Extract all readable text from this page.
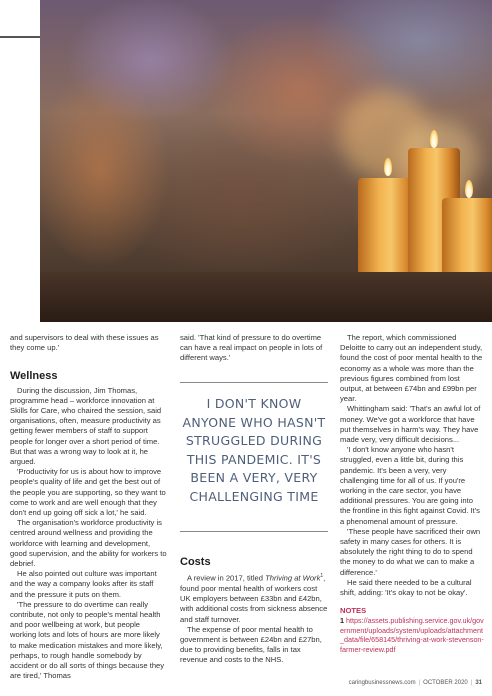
and supervisors to deal with these issues as they come up.'

Wellness

During the discussion, Jim Thomas, programme head – workforce innovation at Skills for Care, who chaired the session, said organisations, often, measure productivity as getting fewer members of staff to support people for longer over a short period of time. But that was a wrong way to look at it, he argued.

'Productivity for us is about how to improve people's quality of life and get the best out of the people you are supporting, so they want to come to work and are well enough that they don't end up going off sick a lot,' he said.

The organisation's workforce productivity is centred around wellness and providing the workforce with learning and development, good supervision, and the ability for workers to debrief.

He also pointed out culture was important and the way a company looks after its staff and the pressure it puts on them.

'The pressure to do overtime can really contribute, not only to people's mental health and poor wellbeing at work, but people working lots and lots of hours are more likely to make medication mistakes and more likely, perhaps, to rough handle somebody by accident or do all sorts of things because they are tired,' Thomas

said. 'That kind of pressure to do overtime can have a real impact on people in lots of different ways.'

I DON'T KNOW ANYONE WHO HASN'T STRUGGLED DURING THIS PANDEMIC. IT'S BEEN A VERY, VERY CHALLENGING TIME
Costs

A review in 2017, titled Thriving at Work$^1$, found poor mental health of workers cost UK employers between £33bn and £42bn, with additional costs from sickness absence and staff turnover.

The expense of poor mental health to government is between £24bn and £27bn, due to providing benefits, falls in tax revenue and costs to the NHS.

The report, which commissioned Deloitte to carry out an independent study, found the cost of poor mental health to the economy as a whole was more than the previous figures combined from lost output, at between £74bn and £99bn per year.

Whittingham said: 'That's an awful lot of money. We've got a workforce that have put themselves in harm's way. They have made very, very difficult decisions...

'I don't know anyone who hasn't struggled, even a little bit, during this pandemic. It's been a very, very challenging time for all of us. If you're working in the care sector, you have additional pressures. You are going into the frontline in this fight against Covid. It's a phenomenal amount of pressure.

'These people have sacrificed their own safety in many cases for others. It is absolutely the right thing to do to spend the money to do what we can to make a difference.'

He said there needed to be a cultural shift, adding: 'It's okay to not be okay'.

NOTES
1 https://assets.publishing.service.gov.uk/government/uploads/system/uploads/attachment_data/file/658145/thriving-at-work-stevenson-farmer-review.pdf
caringbusinessnews.com | OCTOBER 2020 | 31
